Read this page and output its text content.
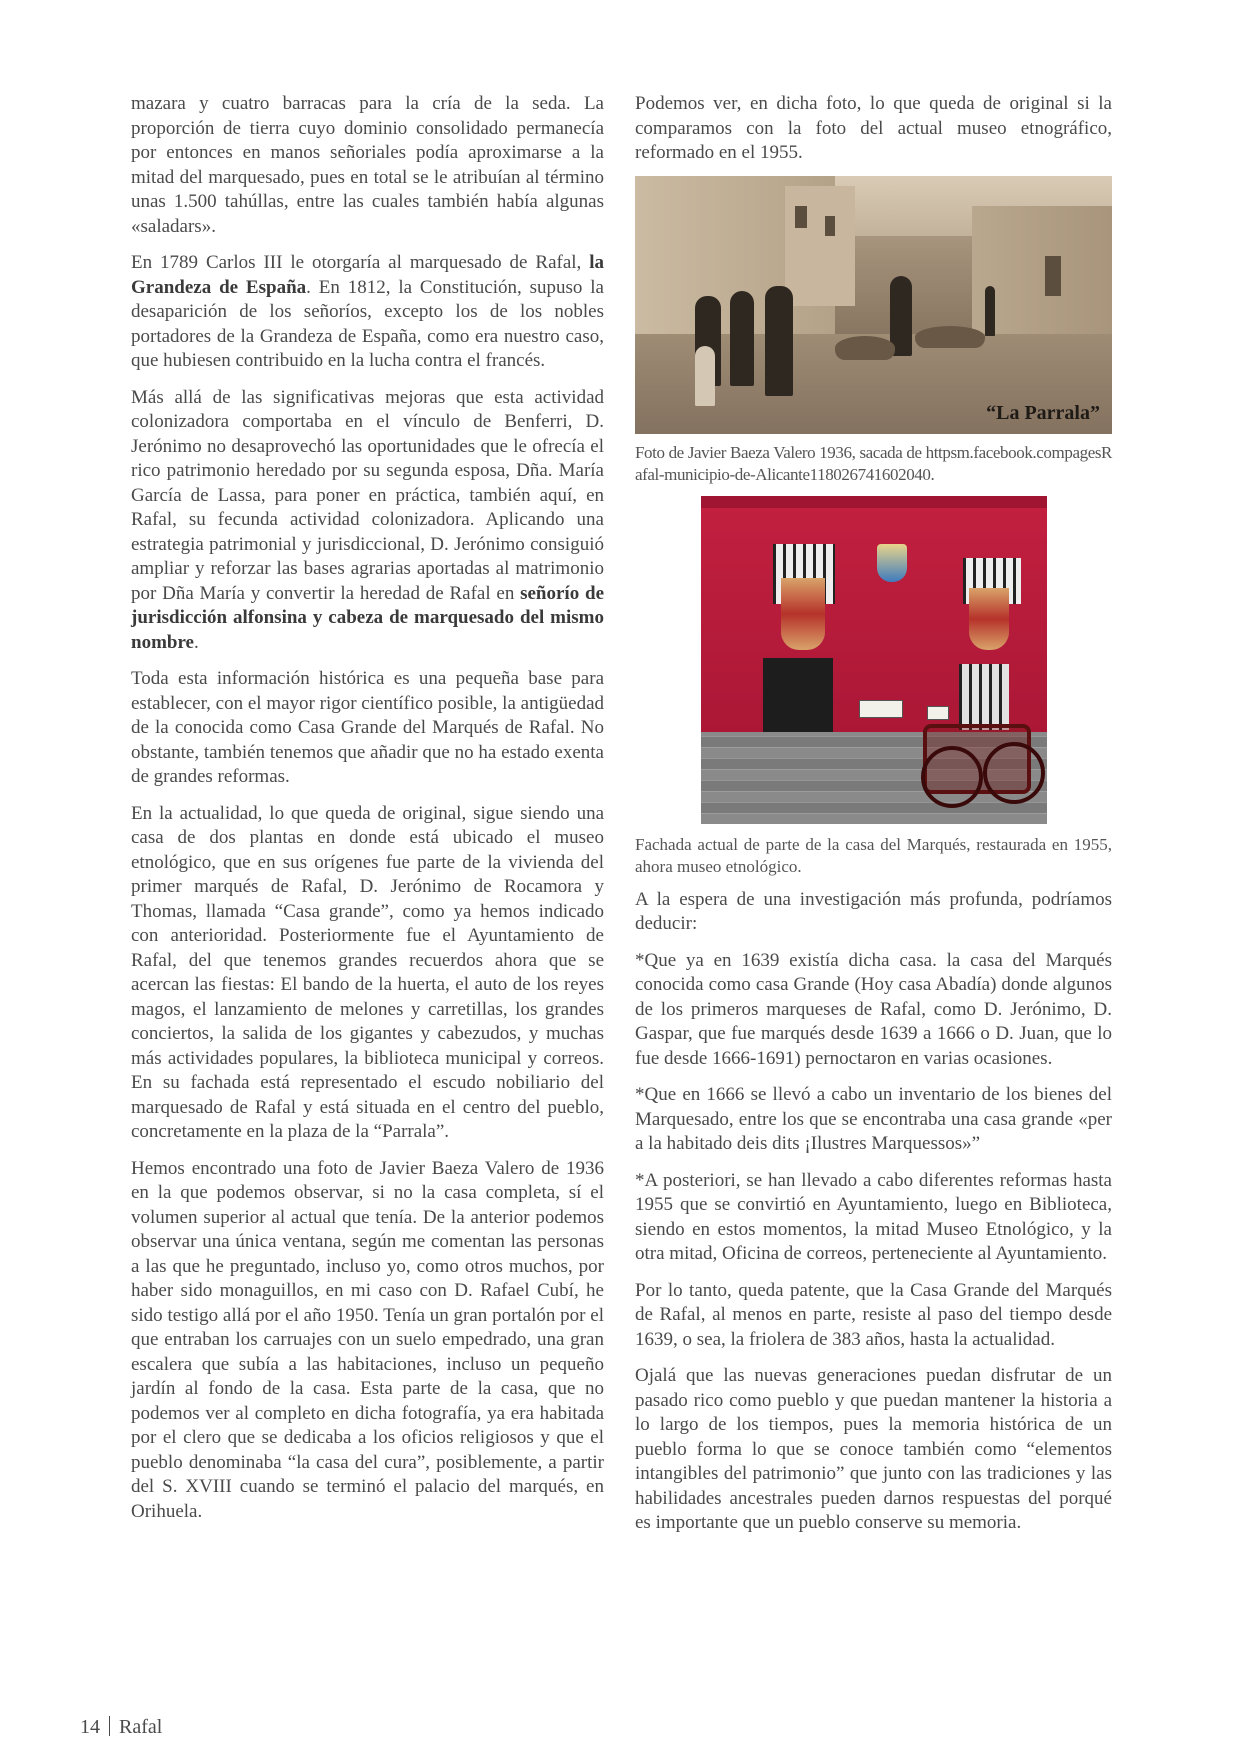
mazara y cuatro barracas para la cría de la seda. La proporción de tierra cuyo dominio consolidado permanecía por entonces en manos señoriales podía aproximarse a la mitad del marquesado, pues en total se le atribuían al término unas 1.500 tahúllas, entre las cuales también había algunas «saladars».

En 1789 Carlos III le otorgaría al marquesado de Rafal, la Grandeza de España. En 1812, la Constitución, supuso la desaparición de los señoríos, excepto los de los nobles portadores de la Grandeza de España, como era nuestro caso, que hubiesen contribuido en la lucha contra el francés.

Más allá de las significativas mejoras que esta actividad colonizadora comportaba en el vínculo de Benferri, D. Jerónimo no desaprovechó las oportunidades que le ofrecía el rico patrimonio heredado por su segunda esposa, Dña. María García de Lassa, para poner en práctica, también aquí, en Rafal, su fecunda actividad colonizadora. Aplicando una estrategia patrimonial y jurisdiccional, D. Jerónimo consiguió ampliar y reforzar las bases agrarias aportadas al matrimonio por Dña María y convertir la heredad de Rafal en señorío de jurisdicción alfonsina y cabeza de marquesado del mismo nombre.

Toda esta información histórica es una pequeña base para establecer, con el mayor rigor científico posible, la antigüedad de la conocida como Casa Grande del Marqués de Rafal. No obstante, también tenemos que añadir que no ha estado exenta de grandes reformas.

En la actualidad, lo que queda de original, sigue siendo una casa de dos plantas en donde está ubicado el museo etnológico, que en sus orígenes fue parte de la vivienda del primer marqués de Rafal, D. Jerónimo de Rocamora y Thomas, llamada “Casa grande”, como ya hemos indicado con anterioridad. Posteriormente fue el Ayuntamiento de Rafal, del que tenemos grandes recuerdos ahora que se acercan las fiestas: El bando de la huerta, el auto de los reyes magos, el lanzamiento de melones y carretillas, los grandes conciertos, la salida de los gigantes y cabezudos, y muchas más actividades populares, la biblioteca municipal y correos. En su fachada está representado el escudo nobiliario del marquesado de Rafal y está situada en el centro del pueblo, concretamente en la plaza de la “Parrala”.

Hemos encontrado una foto de Javier Baeza Valero de 1936 en la que podemos observar, si no la casa completa, sí el volumen superior al actual que tenía. De la anterior podemos observar una única ventana, según me comentan las personas a las que he preguntado, incluso yo, como otros muchos, por haber sido monaguillos, en mi caso con D. Rafael Cubí, he sido testigo allá por el año 1950. Tenía un gran portalón por el que entraban los carruajes con un suelo empedrado, una gran escalera que subía a las habitaciones, incluso un pequeño jardín al fondo de la casa. Esta parte de la casa, que no podemos ver al completo en dicha fotografía, ya era habitada por el clero que se dedicaba a los oficios religiosos y que el pueblo denominaba “la casa del cura”, posiblemente, a partir del S. XVIII cuando se terminó el palacio del marqués, en Orihuela.

Podemos ver, en dicha foto, lo que queda de original si la comparamos con la foto del actual museo etnográfico, reformado en el 1955.

“La Parrala”
Foto de Javier Baeza Valero 1936, sacada de httpsm.facebook.compagesRafal-municipio-de-Alicante118026741602040.
Fachada actual de parte de la casa del Marqués, restaurada en 1955, ahora museo etnológico.

A la espera de una investigación más profunda, podríamos deducir:

*Que ya en 1639 existía dicha casa. la casa del Marqués conocida como casa Grande (Hoy casa Abadía) donde algunos de los primeros marqueses de Rafal, como D. Jerónimo, D. Gaspar, que fue marqués desde 1639 a 1666 o D. Juan, que lo fue desde 1666-1691) pernoctaron en varias ocasiones.

*Que en 1666 se llevó a cabo un inventario de los bienes del Marquesado, entre los que se encontraba una casa grande «per a la habitado deis dits ¡Ilustres Marquessos»”

*A posteriori, se han llevado a cabo diferentes reformas hasta 1955 que se convirtió en Ayuntamiento, luego en Biblioteca, siendo en estos momentos, la mitad Museo Etnológico, y la otra mitad, Oficina de correos, perteneciente al Ayuntamiento.

Por lo tanto, queda patente, que la Casa Grande del Marqués de Rafal, al menos en parte, resiste al paso del tiempo desde 1639, o sea, la friolera de 383 años, hasta la actualidad.

Ojalá que las nuevas generaciones puedan disfrutar de un pasado rico como pueblo y que puedan mantener la historia a lo largo de los tiempos, pues la memoria histórica de un pueblo forma lo que se conoce también como “elementos intangibles del patrimonio” que junto con las tradiciones y las habilidades ancestrales pueden darnos respuestas del porqué es importante que un pueblo conserve su memoria.

14 Rafal
